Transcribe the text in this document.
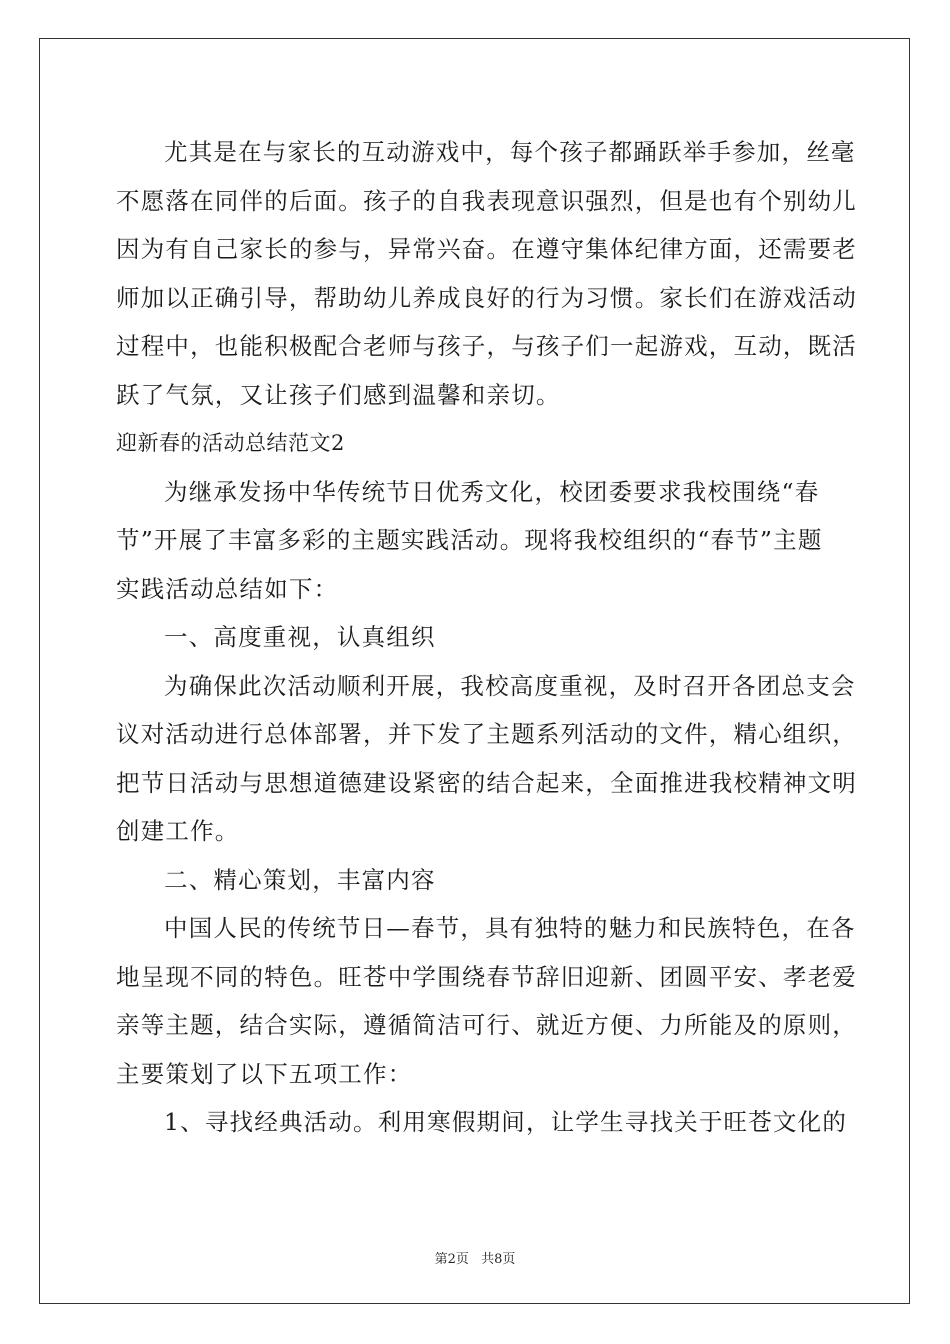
尤其是在与家长的互动游戏中，每个孩子都踊跃举手参加，丝毫
不愿落在同伴的后面。孩子的自我表现意识强烈，但是也有个别幼儿
因为有自己家长的参与，异常兴奋。在遵守集体纪律方面，还需要老
师加以正确引导，帮助幼儿养成良好的行为习惯。家长们在游戏活动
过程中，也能积极配合老师与孩子，与孩子们一起游戏，互动，既活
跃了气氛，又让孩子们感到温馨和亲切。
迎新春的活动总结范文2
为继承发扬中华传统节日优秀文化，校团委要求我校围绕“春
节”开展了丰富多彩的主题实践活动。现将我校组织的“春节”主题
实践活动总结如下：
一、高度重视，认真组织
为确保此次活动顺利开展，我校高度重视，及时召开各团总支会
议对活动进行总体部署，并下发了主题系列活动的文件，精心组织，
把节日活动与思想道德建设紧密的结合起来，全面推进我校精神文明
创建工作。
二、精心策划，丰富内容
中国人民的传统节日—春节，具有独特的魅力和民族特色，在各
地呈现不同的特色。旺苍中学围绕春节辞旧迎新、团圆平安、孝老爱
亲等主题，结合实际，遵循简洁可行、就近方便、力所能及的原则，
主要策划了以下五项工作：
1、寻找经典活动。利用寒假期间，让学生寻找关于旺苍文化的
第2页 共8页
